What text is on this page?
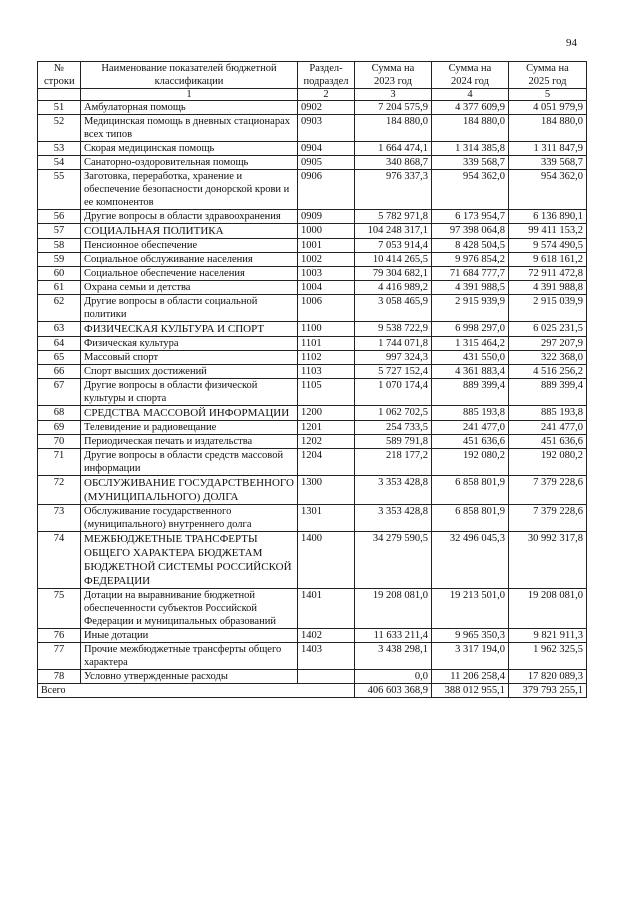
94
№ строки	Наименование показателей бюджетной классификации	Раздел-подраздел	Сумма на 2023 год	Сумма на 2024 год	Сумма на 2025 год
	1	2	3	4	5
51	Амбулаторная помощь	0902	7 204 575,9	4 377 609,9	4 051 979,9
52	Медицинская помощь в дневных стационарах всех типов	0903	184 880,0	184 880,0	184 880,0
53	Скорая медицинская помощь	0904	1 664 474,1	1 314 385,8	1 311 847,9
54	Санаторно-оздоровительная помощь	0905	340 868,7	339 568,7	339 568,7
55	Заготовка, переработка, хранение и обеспечение безопасности донорской крови и ее компонентов	0906	976 337,3	954 362,0	954 362,0
56	Другие вопросы в области здравоохранения	0909	5 782 971,8	6 173 954,7	6 136 890,1
57	СОЦИАЛЬНАЯ ПОЛИТИКА	1000	104 248 317,1	97 398 064,8	99 411 153,2
58	Пенсионное обеспечение	1001	7 053 914,4	8 428 504,5	9 574 490,5
59	Социальное обслуживание населения	1002	10 414 265,5	9 976 854,2	9 618 161,2
60	Социальное обеспечение населения	1003	79 304 682,1	71 684 777,7	72 911 472,8
61	Охрана семьи и детства	1004	4 416 989,2	4 391 988,5	4 391 988,8
62	Другие вопросы в области социальной политики	1006	3 058 465,9	2 915 939,9	2 915 039,9
63	ФИЗИЧЕСКАЯ КУЛЬТУРА И СПОРТ	1100	9 538 722,9	6 998 297,0	6 025 231,5
64	Физическая культура	1101	1 744 071,8	1 315 464,2	297 207,9
65	Массовый спорт	1102	997 324,3	431 550,0	322 368,0
66	Спорт высших достижений	1103	5 727 152,4	4 361 883,4	4 516 256,2
67	Другие вопросы в области физической культуры и спорта	1105	1 070 174,4	889 399,4	889 399,4
68	СРЕДСТВА МАССОВОЙ ИНФОРМАЦИИ	1200	1 062 702,5	885 193,8	885 193,8
69	Телевидение и радиовещание	1201	254 733,5	241 477,0	241 477,0
70	Периодическая печать и издательства	1202	589 791,8	451 636,6	451 636,6
71	Другие вопросы в области средств массовой информации	1204	218 177,2	192 080,2	192 080,2
72	ОБСЛУЖИВАНИЕ ГОСУДАРСТВЕННОГО (МУНИЦИПАЛЬНОГО) ДОЛГА	1300	3 353 428,8	6 858 801,9	7 379 228,6
73	Обслуживание государственного (муниципального) внутреннего долга	1301	3 353 428,8	6 858 801,9	7 379 228,6
74	МЕЖБЮДЖЕТНЫЕ ТРАНСФЕРТЫ ОБЩЕГО ХАРАКТЕРА БЮДЖЕТАМ БЮДЖЕТНОЙ СИСТЕМЫ РОССИЙСКОЙ ФЕДЕРАЦИИ	1400	34 279 590,5	32 496 045,3	30 992 317,8
75	Дотации на выравнивание бюджетной обеспеченности субъектов Российской Федерации и муниципальных образований	1401	19 208 081,0	19 213 501,0	19 208 081,0
76	Иные дотации	1402	11 633 211,4	9 965 350,3	9 821 911,3
77	Прочие межбюджетные трансферты общего характера	1403	3 438 298,1	3 317 194,0	1 962 325,5
78	Условно утвержденные расходы		0,0	11 206 258,4	17 820 089,3
Всего			406 603 368,9	388 012 955,1	379 793 255,1
